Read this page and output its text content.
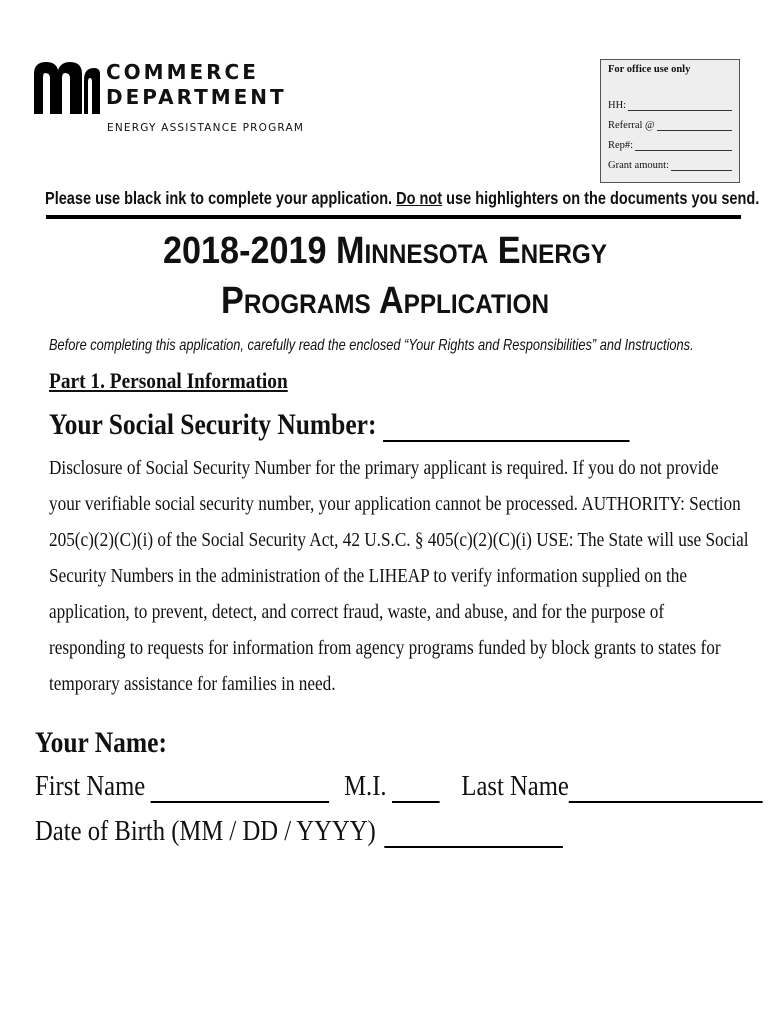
COMMERCE
DEPARTMENT
ENERGY ASSISTANCE PROGRAM
For office use only
HH:
Referral @
Rep#:
Grant amount:
Please use black ink to complete your application. Do not use highlighters on the documents you send.
2018-2019 Minnesota Energy
Programs Application
Before completing this application, carefully read the enclosed “Your Rights and Responsibilities” and Instructions.
Part 1. Personal Information
Your Social Security Number:
Disclosure of Social Security Number for the primary applicant is required. If you do not provide
your verifiable social security number, your application cannot be processed. AUTHORITY: Section
205(c)(2)(C)(i) of the Social Security Act, 42 U.S.C. § 405(c)(2)(C)(i) USE: The State will use Social
Security Numbers in the administration of the LIHEAP to verify information supplied on the
application, to prevent, detect, and correct fraud, waste, and abuse, and for the purpose of
responding to requests for information from agency programs funded by block grants to states for
temporary assistance for families in need.
Your Name:
First Name	M.I.	Last Name
Date of Birth (MM / DD / YYYY)
